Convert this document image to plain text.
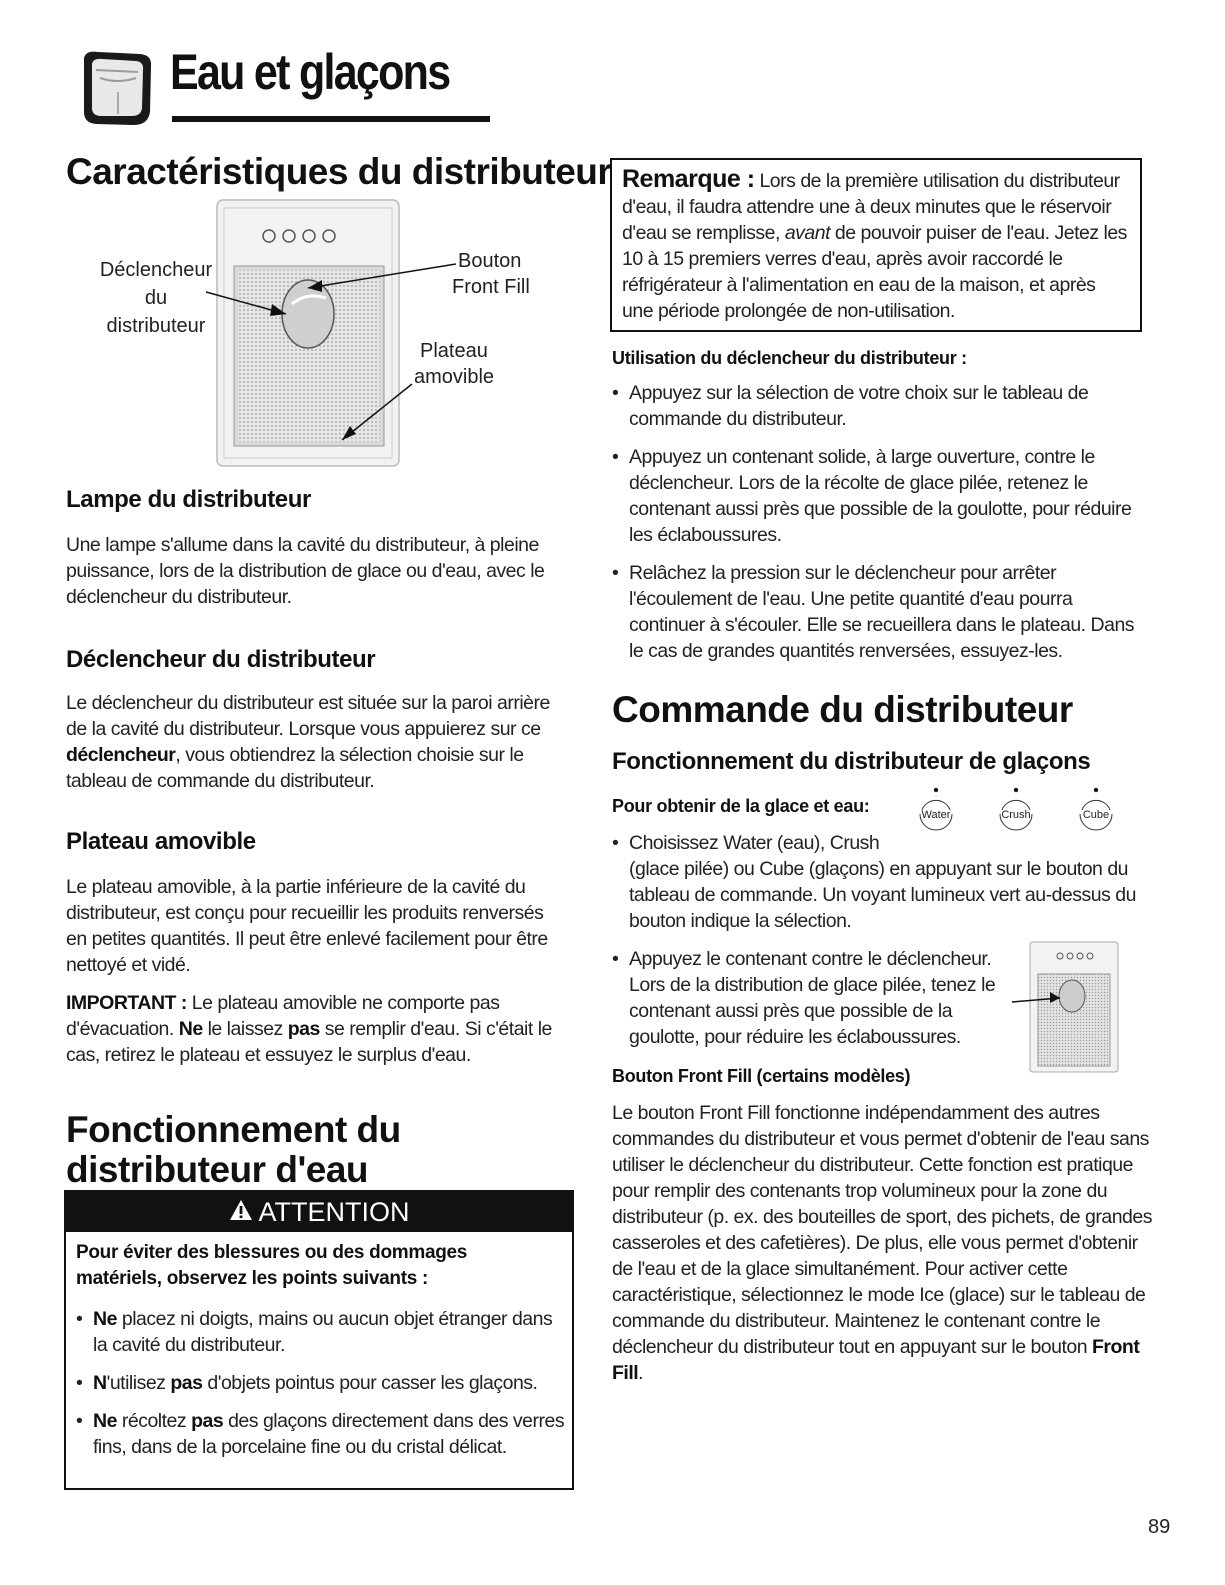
Eau et glaçons
Caractéristiques du distributeur
Déclencheur
du
distributeur
Bouton
Front Fill
Plateau
amovible
Lampe du distributeur

Une lampe s'allume dans la cavité du distributeur, à pleine puissance, lors de la distribution de glace ou d'eau, avec le déclencheur du distributeur.

Déclencheur du distributeur

Le déclencheur du distributeur est située sur la paroi arrière de la cavité du distributeur. Lorsque vous appuierez sur ce déclencheur, vous obtiendrez la sélection choisie sur le tableau de commande du distributeur.

Plateau amovible

Le plateau amovible, à la partie inférieure de la cavité du distributeur, est conçu pour recueillir les produits renversés en petites quantités. Il peut être enlevé facilement pour être nettoyé et vidé.

IMPORTANT : Le plateau amovible ne comporte pas d'évacuation. Ne le laissez pas se remplir d'eau. Si c'était le cas, retirez le plateau et essuyez le surplus d'eau.

Fonctionnement du distributeur d'eau
ATTENTION

Pour éviter des blessures ou des dommages matériels, observez les points suivants :

• Ne placez ni doigts, mains ou aucun objet étranger dans la cavité du distributeur.
• N'utilisez pas d'objets pointus pour casser les glaçons.
• Ne récoltez pas des glaçons directement dans des verres fins, dans de la porcelaine fine ou du cristal délicat.

Remarque : Lors de la première utilisation du distributeur d'eau, il faudra attendre une à deux minutes que le réservoir d'eau se remplisse, avant de pouvoir puiser de l'eau. Jetez les 10 à 15 premiers verres d'eau, après avoir raccordé le réfrigérateur à l'alimentation en eau de la maison, et après une période prolongée de non-utilisation.

Utilisation du déclencheur du distributeur :
• Appuyez sur la sélection de votre choix sur le tableau de commande du distributeur.
• Appuyez un contenant solide, à large ouverture, contre le déclencheur. Lors de la récolte de glace pilée, retenez le contenant aussi près que possible de la goulotte, pour réduire les éclaboussures.
• Relâchez la pression sur le déclencheur pour arrêter l'écoulement de l'eau. Une petite quantité d'eau pourra continuer à s'écouler. Elle se recueillera dans le plateau. Dans le cas de grandes quantités renversées, essuyez-les.
Commande du distributeur
Fonctionnement du distributeur de glaçons
Pour obtenir de la glace et eau:	Water	Crush	Cube
• Choisissez Water (eau), Crush
(glace pilée) ou Cube (glaçons) en appuyant sur le bouton du tableau de commande. Un voyant lumineux vert au-dessus du bouton indique la sélection.
• Appuyez le contenant contre le déclencheur. Lors de la distribution de glace pilée, tenez le contenant aussi près que possible de la goulotte, pour réduire les éclaboussures.
Bouton Front Fill (certains modèles)

Le bouton Front Fill fonctionne indépendamment des autres commandes du distributeur et vous permet d'obtenir de l'eau sans utiliser le déclencheur du distributeur. Cette fonction est pratique pour remplir des contenants trop volumineux pour la zone du distributeur (p. ex. des bouteilles de sport, des pichets, de grandes casseroles et des cafetières). De plus, elle vous permet d'obtenir de l'eau et de la glace simultanément. Pour activer cette caractéristique, sélectionnez le mode Ice (glace) sur le tableau de commande du distributeur. Maintenez le contenant contre le déclencheur du distributeur tout en appuyant sur le bouton Front Fill.

89
